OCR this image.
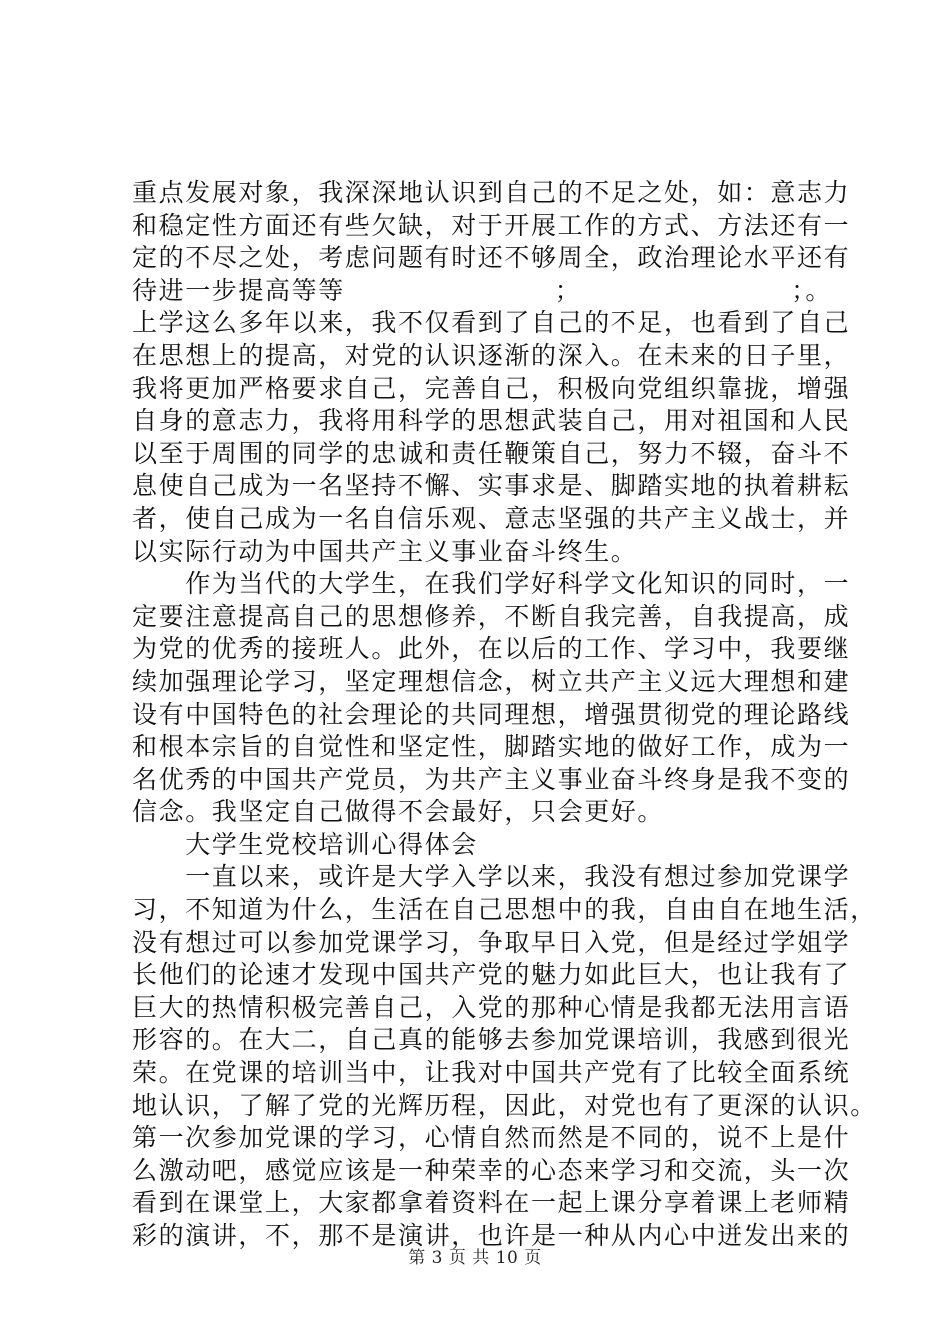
重点发展对象，我深深地认识到自己的不足之处，如：意志力
和稳定性方面还有些欠缺，对于开展工作的方式、方法还有一
定的不尽之处，考虑问题有时还不够周全，政治理论水平还有
待进一步提高等等	；	；。
上学这么多年以来，我不仅看到了自己的不足，也看到了自己
在思想上的提高，对党的认识逐渐的深入。在未来的日子里，
我将更加严格要求自己，完善自己，积极向党组织靠拢，增强
自身的意志力，我将用科学的思想武装自己，用对祖国和人民
以至于周围的同学的忠诚和责任鞭策自己，努力不辍，奋斗不
息使自己成为一名坚持不懈、实事求是、脚踏实地的执着耕耘
者，使自己成为一名自信乐观、意志坚强的共产主义战士，并
以实际行动为中国共产主义事业奋斗终生。
　　作为当代的大学生，在我们学好科学文化知识的同时，一
定要注意提高自己的思想修养，不断自我完善，自我提高，成
为党的优秀的接班人。此外，在以后的工作、学习中，我要继
续加强理论学习，坚定理想信念，树立共产主义远大理想和建
设有中国特色的社会理论的共同理想，增强贯彻党的理论路线
和根本宗旨的自觉性和坚定性，脚踏实地的做好工作，成为一
名优秀的中国共产党员，为共产主义事业奋斗终身是我不变的
信念。我坚定自己做得不会最好，只会更好。
　　大学生党校培训心得体会
　　一直以来，或许是大学入学以来，我没有想过参加党课学
习，不知道为什么，生活在自己思想中的我，自由自在地生活，
没有想过可以参加党课学习，争取早日入党，但是经过学姐学
长他们的论速才发现中国共产党的魅力如此巨大，也让我有了
巨大的热情积极完善自己，入党的那种心情是我都无法用言语
形容的。在大二，自己真的能够去参加党课培训，我感到很光
荣。在党课的培训当中，让我对中国共产党有了比较全面系统
地认识，了解了党的光辉历程，因此，对党也有了更深的认识。
第一次参加党课的学习，心情自然而然是不同的，说不上是什
么激动吧，感觉应该是一种荣幸的心态来学习和交流，头一次
看到在课堂上，大家都拿着资料在一起上课分享着课上老师精
彩的演讲，不，那不是演讲，也许是一种从内心中迸发出来的
第 3 页 共 10 页
